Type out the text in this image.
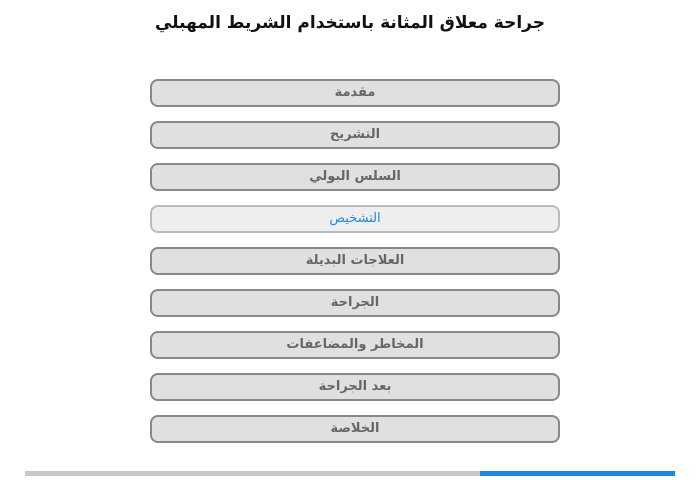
جراحة معلاق المثانة باستخدام الشريط المهبلي
مقدمة
التشريح
السلس البولي
التشخيص
العلاجات البديلة
الجراحة
المخاطر والمضاعفات
بعد الجراحة
الخلاصة
